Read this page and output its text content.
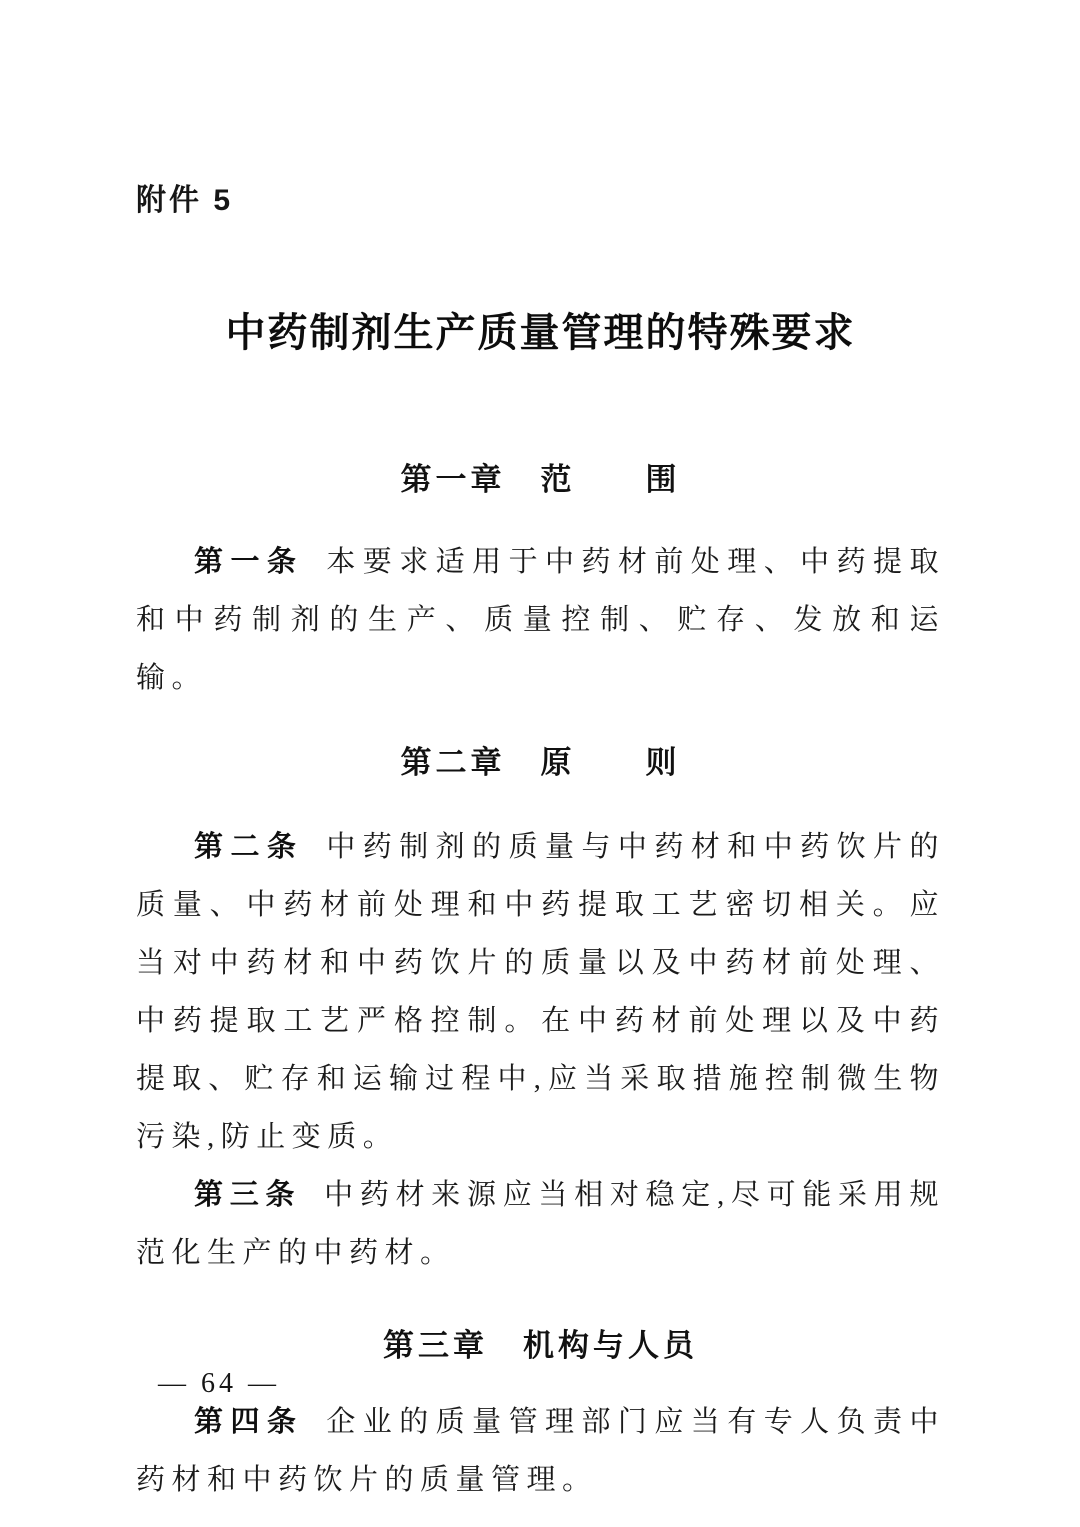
附件 5
中药制剂生产质量管理的特殊要求
第一章　范　　围

第一条 本要求适用于中药材前处理、中药提取和中药制剂的生产、质量控制、贮存、发放和运输。

第二章　原　　则

第二条 中药制剂的质量与中药材和中药饮片的质量、中药材前处理和中药提取工艺密切相关。应当对中药材和中药饮片的质量以及中药材前处理、中药提取工艺严格控制。在中药材前处理以及中药提取、贮存和运输过程中,应当采取措施控制微生物污染,防止变质。

第三条 中药材来源应当相对稳定,尽可能采用规范化生产的中药材。

第三章　机构与人员

第四条 企业的质量管理部门应当有专人负责中药材和中药饮片的质量管理。

— 64 —
